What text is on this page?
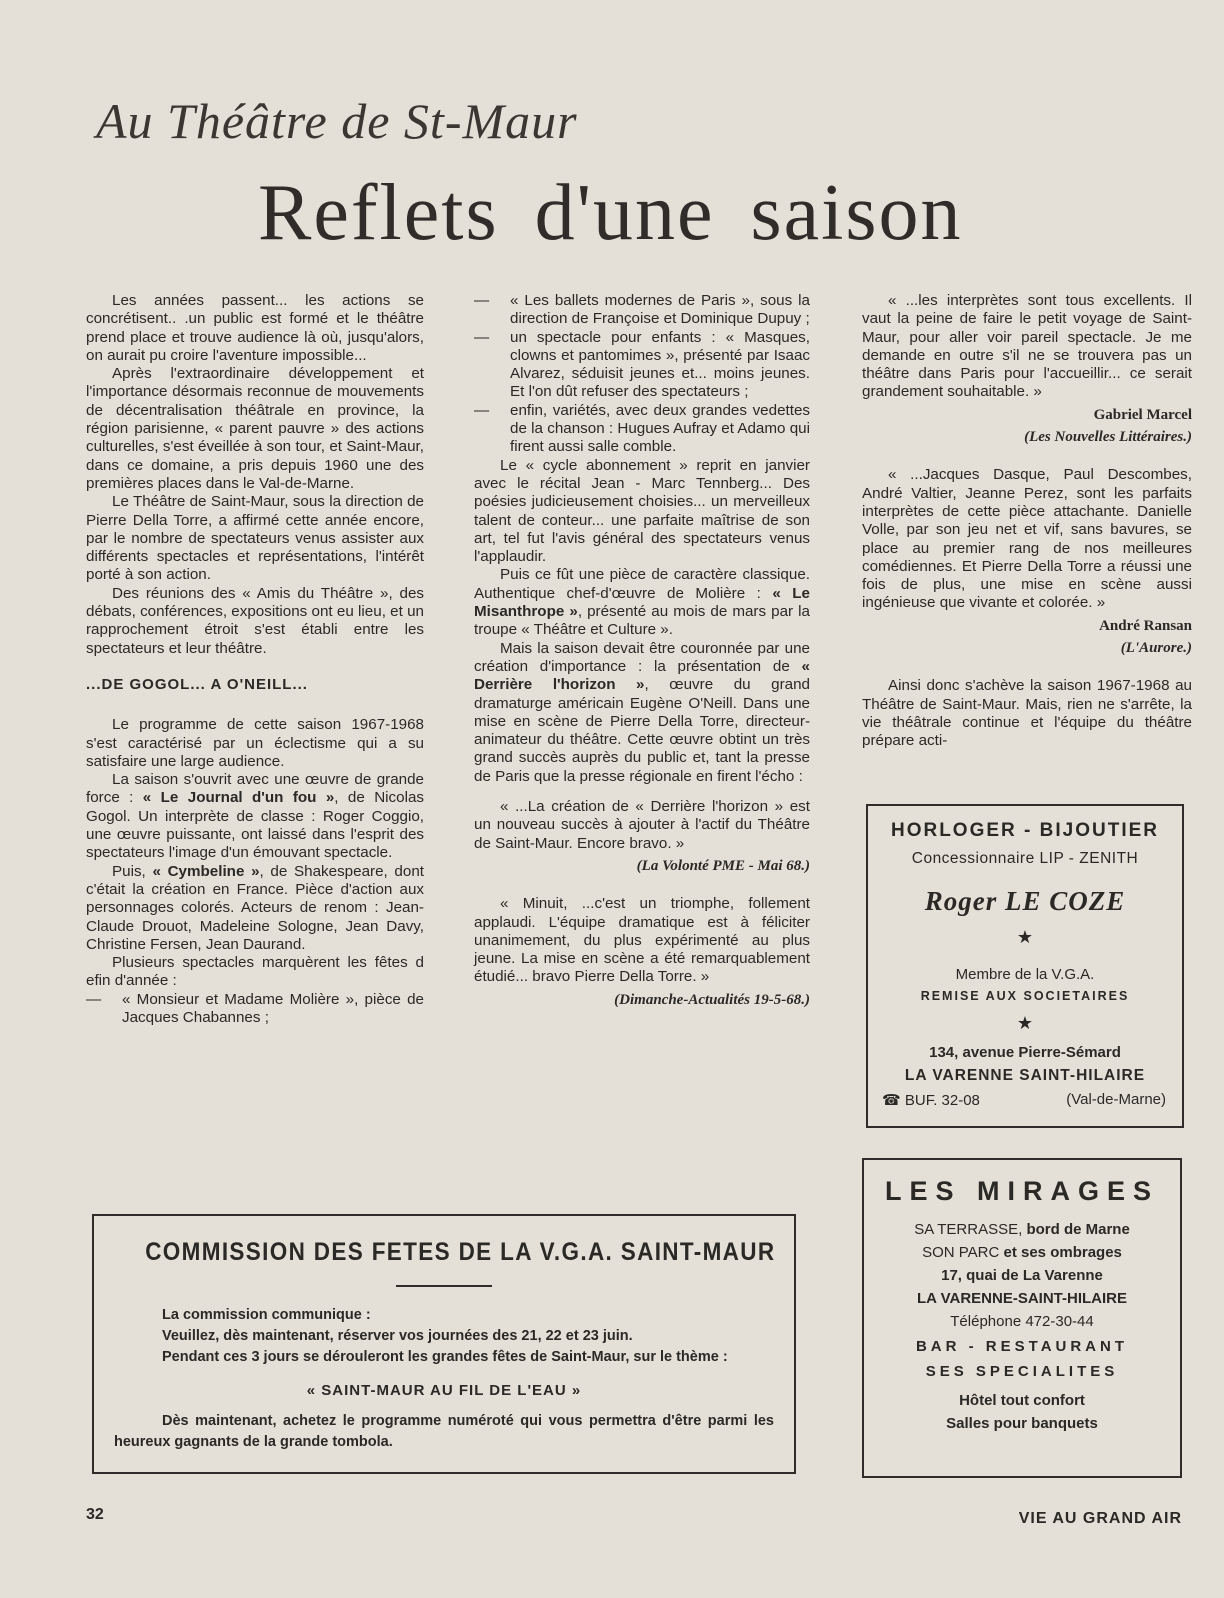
Au Théâtre de St-Maur
Reflets d'une saison

Les années passent... les actions se concrétisent.. .un public est formé et le théâtre prend place et trouve audience là où, jusqu'alors, on aurait pu croire l'aventure impossible...

Après l'extraordinaire développement et l'importance désormais reconnue de mouvements de décentralisation théâtrale en province, la région parisienne, « parent pauvre » des actions culturelles, s'est éveillée à son tour, et Saint-Maur, dans ce domaine, a pris depuis 1960 une des premières places dans le Val-de-Marne.

Le Théâtre de Saint-Maur, sous la direction de Pierre Della Torre, a affirmé cette année encore, par le nombre de spectateurs venus assister aux différents spectacles et représentations, l'intérêt porté à son action.

Des réunions des « Amis du Théâtre », des débats, conférences, expositions ont eu lieu, et un rapprochement étroit s'est établi entre les spectateurs et leur théâtre.

...DE GOGOL... A O'NEILL...

Le programme de cette saison 1967-1968 s'est caractérisé par un éclectisme qui a su satisfaire une large audience.

La saison s'ouvrit avec une œuvre de grande force : « Le Journal d'un fou », de Nicolas Gogol. Un interprète de classe : Roger Coggio, une œuvre puissante, ont laissé dans l'esprit des spectateurs l'image d'un émouvant spectacle.

Puis, « Cymbeline », de Shakespeare, dont c'était la création en France. Pièce d'action aux personnages colorés. Acteurs de renom : Jean-Claude Drouot, Madeleine Sologne, Jean Davy, Christine Fersen, Jean Daurand.

Plusieurs spectacles marquèrent les fêtes d efin d'année :

—	« Monsieur et Madame Molière », pièce de Jacques Chabannes ;
—	« Les ballets modernes de Paris », sous la direction de Françoise et Dominique Dupuy ;
—	un spectacle pour enfants : « Masques, clowns et pantomimes », présenté par Isaac Alvarez, séduisit jeunes et... moins jeunes. Et l'on dût refuser des spectateurs ;
—	enfin, variétés, avec deux grandes vedettes de la chanson : Hugues Aufray et Adamo qui firent aussi salle comble.

Le « cycle abonnement » reprit en janvier avec le récital Jean - Marc Tennberg... Des poésies judicieusement choisies... un merveilleux talent de conteur... une parfaite maîtrise de son art, tel fut l'avis général des spectateurs venus l'applaudir.

Puis ce fût une pièce de caractère classique. Authentique chef-d'œuvre de Molière : « Le Misanthrope », présenté au mois de mars par la troupe « Théâtre et Culture ».

Mais la saison devait être couronnée par une création d'importance : la présentation de « Derrière l'horizon », œuvre du grand dramaturge américain Eugène O'Neill. Dans une mise en scène de Pierre Della Torre, directeur-animateur du théâtre. Cette œuvre obtint un très grand succès auprès du public et, tant la presse de Paris que la presse régionale en firent l'écho :

« ...La création de « Derrière l'horizon » est un nouveau succès à ajouter à l'actif du Théâtre de Saint-Maur. Encore bravo. »

(La Volonté PME - Mai 68.)

« Minuit, ...c'est un triomphe, follement applaudi. L'équipe dramatique est à féliciter unanimement, du plus expérimenté au plus jeune. La mise en scène a été remarquablement étudié... bravo Pierre Della Torre. »

(Dimanche-Actualités 19-5-68.)

« ...les interprètes sont tous excellents. Il vaut la peine de faire le petit voyage de Saint-Maur, pour aller voir pareil spectacle. Je me demande en outre s'il ne se trouvera pas un théâtre dans Paris pour l'accueillir... ce serait grandement souhaitable. »

Gabriel Marcel
(Les Nouvelles Littéraires.)

« ...Jacques Dasque, Paul Descombes, André Valtier, Jeanne Perez, sont les parfaits interprètes de cette pièce attachante. Danielle Volle, par son jeu net et vif, sans bavures, se place au premier rang de nos meilleures comédiennes. Et Pierre Della Torre a réussi une fois de plus, une mise en scène aussi ingénieuse que vivante et colorée. »

André Ransan
(L'Aurore.)

Ainsi donc s'achève la saison 1967-1968 au Théâtre de Saint-Maur. Mais, rien ne s'arrête, la vie théâtrale continue et l'équipe du théâtre prépare acti-

HORLOGER - BIJOUTIER
Concessionnaire LIP - ZENITH
Roger LE COZE
★
Membre de la V.G.A.
REMISE AUX SOCIETAIRES
★
134, avenue Pierre-Sémard
LA VARENNE SAINT-HILAIRE
☎ BUF. 32-08	(Val-de-Marne)
LES MIRAGES
SA TERRASSE, bord de Marne
SON PARC et ses ombrages
17, quai de La Varenne
LA VARENNE-SAINT-HILAIRE
Téléphone 472-30-44
BAR - RESTAURANT
SES SPECIALITES
Hôtel tout confort
Salles pour banquets
COMMISSION DES FETES DE LA V.G.A. SAINT-MAUR
La commission communique :
Veuillez, dès maintenant, réserver vos journées des 21, 22 et 23 juin.
Pendant ces 3 jours se dérouleront les grandes fêtes de Saint-Maur, sur le thème :
« SAINT-MAUR AU FIL DE L'EAU »
Dès maintenant, achetez le programme numéroté qui vous permettra d'être parmi les heureux gagnants de la grande tombola.
32	VIE AU GRAND AIR
